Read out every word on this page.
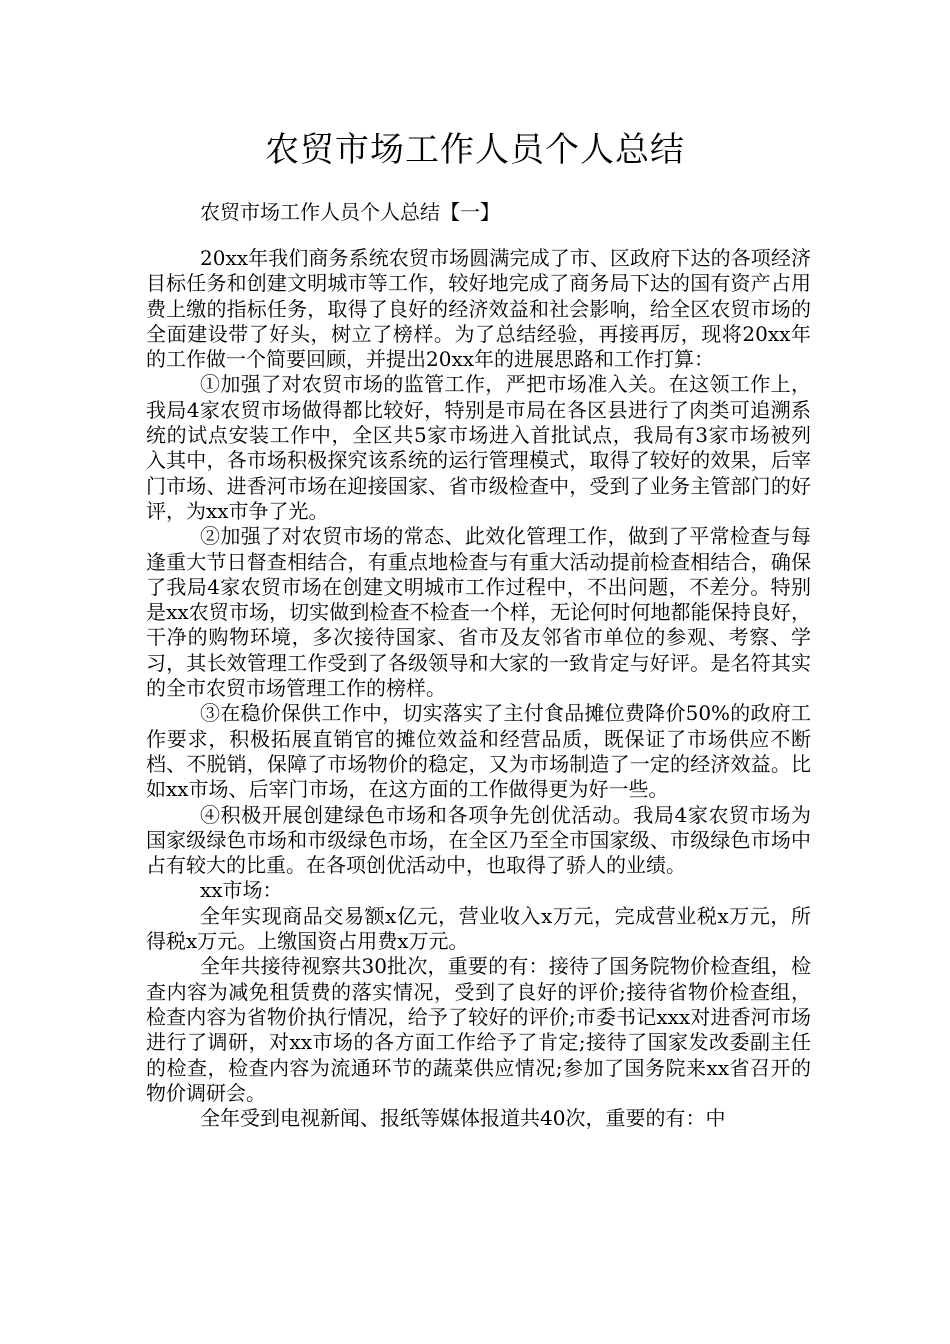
农贸市场工作人员个人总结

农贸市场工作人员个人总结【一】

20xx年我们商务系统农贸市场圆满完成了市、区政府下达的各项经济目标任务和创建文明城市等工作，较好地完成了商务局下达的国有资产占用费上缴的指标任务，取得了良好的经济效益和社会影响，给全区农贸市场的全面建设带了好头，树立了榜样。为了总结经验，再接再厉，现将20xx年的工作做一个简要回顾，并提出20xx年的进展思路和工作打算：

①加强了对农贸市场的监管工作，严把市场准入关。在这领工作上，我局4家农贸市场做得都比较好，特别是市局在各区县进行了肉类可追溯系统的试点安装工作中，全区共5家市场进入首批试点，我局有3家市场被列入其中，各市场积极探究该系统的运行管理模式，取得了较好的效果，后宰门市场、进香河市场在迎接国家、省市级检查中，受到了业务主管部门的好评，为xx市争了光。

②加强了对农贸市场的常态、此效化管理工作，做到了平常检查与每逢重大节日督查相结合，有重点地检查与有重大活动提前检查相结合，确保了我局4家农贸市场在创建文明城市工作过程中，不出问题，不差分。特别是xx农贸市场，切实做到检查不检查一个样，无论何时何地都能保持良好，干净的购物环境，多次接待国家、省市及友邻省市单位的参观、考察、学习，其长效管理工作受到了各级领导和大家的一致肯定与好评。是名符其实的全市农贸市场管理工作的榜样。

③在稳价保供工作中，切实落实了主付食品摊位费降价50%的政府工作要求，积极拓展直销官的摊位效益和经营品质，既保证了市场供应不断档、不脱销，保障了市场物价的稳定，又为市场制造了一定的经济效益。比如xx市场、后宰门市场，在这方面的工作做得更为好一些。

④积极开展创建绿色市场和各项争先创优活动。我局4家农贸市场为国家级绿色市场和市级绿色市场，在全区乃至全市国家级、市级绿色市场中占有较大的比重。在各项创优活动中，也取得了骄人的业绩。

xx市场：

全年实现商品交易额x亿元，营业收入x万元，完成营业税x万元，所得税x万元。上缴国资占用费x万元。

全年共接待视察共30批次，重要的有：接待了国务院物价检查组，检查内容为减免租赁费的落实情况，受到了良好的评价;接待省物价检查组，检查内容为省物价执行情况，给予了较好的评价;市委书记xxx对进香河市场进行了调研，对xx市场的各方面工作给予了肯定;接待了国家发改委副主任的检查，检查内容为流通环节的蔬菜供应情况;参加了国务院来xx省召开的物价调研会。

全年受到电视新闻、报纸等媒体报道共40次，重要的有：中
